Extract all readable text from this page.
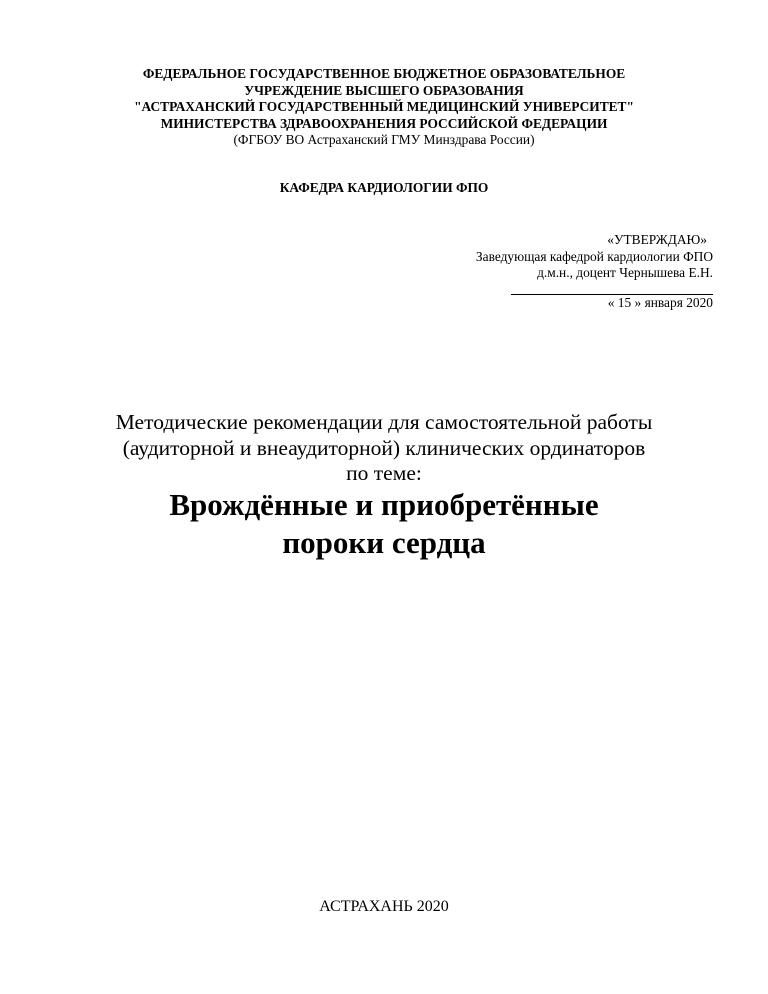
ФЕДЕРАЛЬНОЕ ГОСУДАРСТВЕННОЕ БЮДЖЕТНОЕ ОБРАЗОВАТЕЛЬНОЕ
УЧРЕЖДЕНИЕ ВЫСШЕГО ОБРАЗОВАНИЯ
"АСТРАХАНСКИЙ ГОСУДАРСТВЕННЫЙ МЕДИЦИНСКИЙ УНИВЕРСИТЕТ"
МИНИСТЕРСТВА ЗДРАВООХРАНЕНИЯ РОССИЙСКОЙ ФЕДЕРАЦИИ
(ФГБОУ ВО Астраханский ГМУ Минздрава России)
КАФЕДРА КАРДИОЛОГИИ ФПО
«УТВЕРЖДАЮ»
Заведующая кафедрой кардиологии ФПО
д.м.н., доцент Чернышева Е.Н.
« 15 » января 2020
Методические рекомендации для самостоятельной работы
(аудиторной и внеаудиторной) клинических ординаторов
по теме:
Врождённые и приобретённые
пороки сердца
АСТРАХАНЬ 2020
